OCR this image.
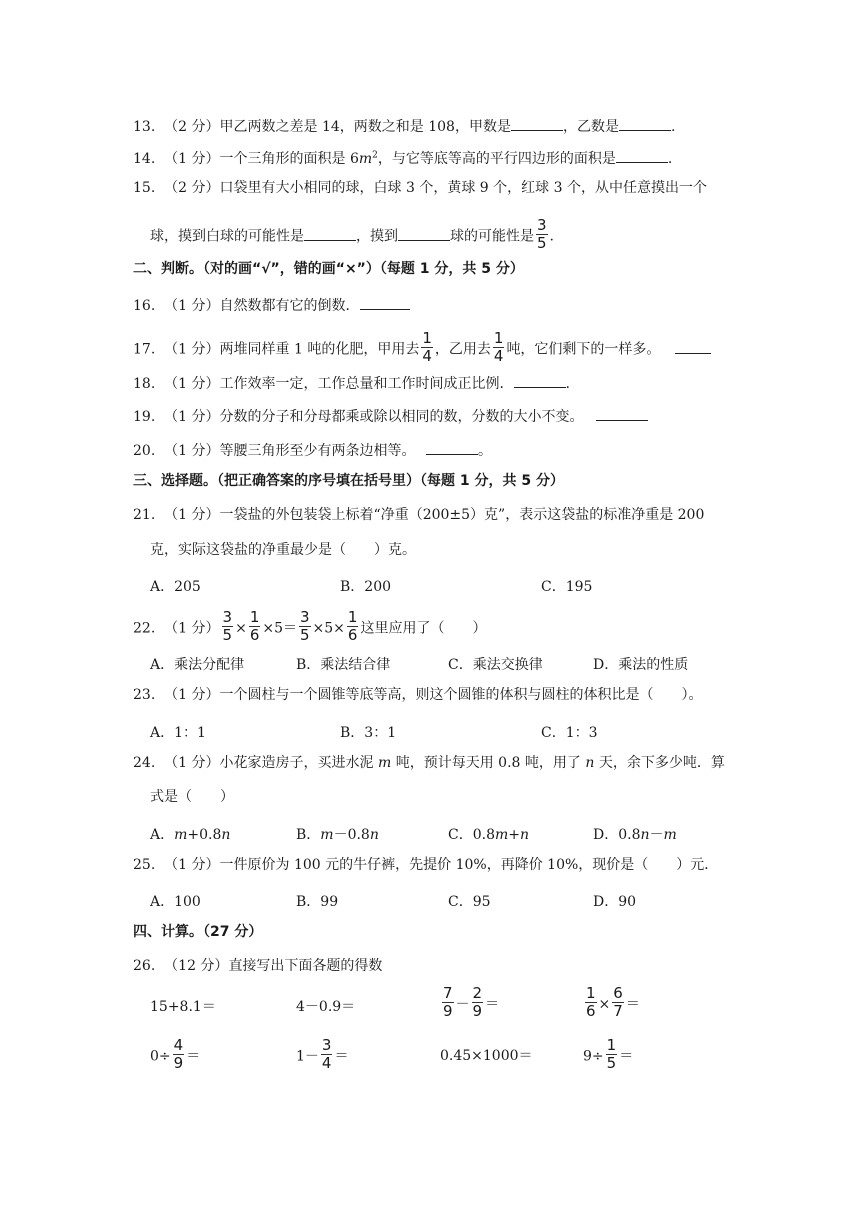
13. （2 分）甲乙两数之差是 14，两数之和是 108，甲数是	，乙数是	.
14. （1 分）一个三角形的面积是 $6m^2$，与它等底等高的平行四边形的面积是	.
15. （2 分）口袋里有大小相同的球，白球 3 个，黄球 9 个，红球 3 个，从中任意摸出一个
球，摸到白球的可能性是	，摸到	球的可能性是 $\frac{3}{5}$ .
二、判断。（对的画“√”，错的画“×”）（每题 1 分，共 5 分）
16. （1 分）自然数都有它的倒数．
17. （1 分）两堆同样重 1 吨的化肥，甲用去 $\frac{1}{4}$ ，乙用去 $\frac{1}{4}$ 吨，它们剩下的一样多。
18. （1 分）工作效率一定，工作总量和工作时间成正比例．	.
19. （1 分）分数的分子和分母都乘或除以相同的数，分数的大小不变。
20. （1 分）等腰三角形至少有两条边相等。	。
三、选择题。（把正确答案的序号填在括号里）（每题 1 分，共 5 分）
21. （1 分）一袋盐的外包装袋上标着“净重（200±5）克”，表示这袋盐的标准净重是 200
克，实际这袋盐的净重最少是（　　）克。
A．205	B．200	C．195
22. （1 分） $\frac{3}{5} \times \frac{1}{6} \times 5= \frac{3}{5} \times 5\times \frac{1}{6}$ 这里应用了（　　）
A．乘法分配律	B．乘法结合律	C．乘法交换律	D．乘法的性质
23. （1 分）一个圆柱与一个圆锥等底等高，则这个圆锥的体积与圆柱的体积比是（　　）。
A．1：1	B．3：1	C．1：3
24. （1 分）小花家造房子，买进水泥 m 吨，预计每天用 0.8 吨，用了 n 天，余下多少吨．算
式是（　　）
A．m+0.8n	B．m－0.8n	C．0.8m+n	D．0.8n－m
25. （1 分）一件原价为 100 元的牛仔裤，先提价 10%，再降价 10%，现价是（　　）元．
A．100	B．99	C．95	D．90
四、计算。（27 分）
26. （12 分）直接写出下面各题的得数
15+8.1＝	4－0.9＝	$\frac{7}{9} - \frac{2}{9}$ ＝	$\frac{1}{6} \times \frac{6}{7}$ ＝
$0\div \frac{4}{9}$ ＝	$1- \frac{3}{4}$ ＝	0.45×1000＝	$9\div \frac{1}{5}$ ＝
